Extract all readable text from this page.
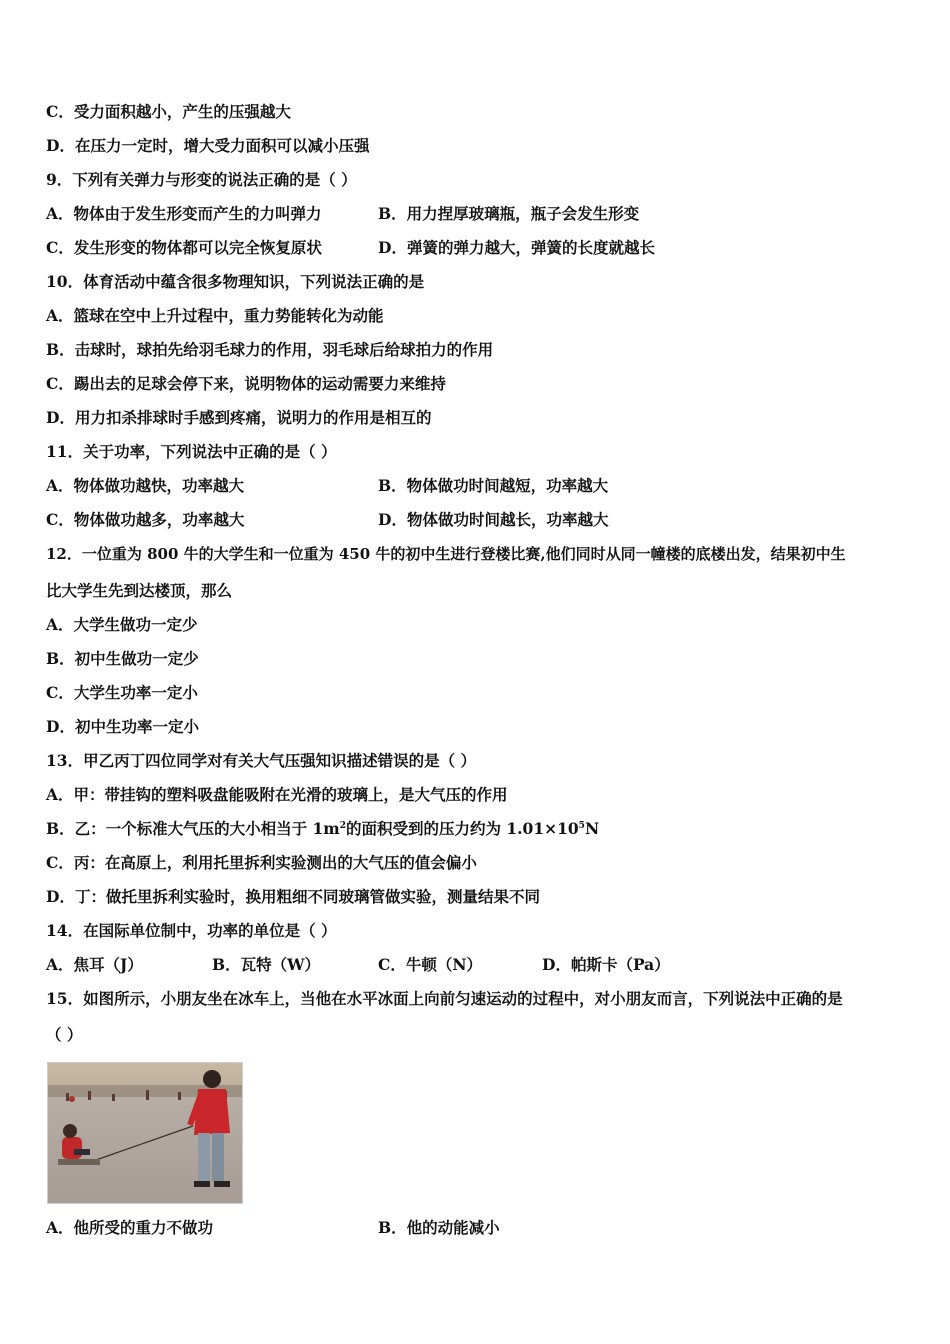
C．受力面积越小，产生的压强越大
D．在压力一定时，增大受力面积可以减小压强
9．下列有关弹力与形变的说法正确的是（ ）
A．物体由于发生形变而产生的力叫弹力	B．用力捏厚玻璃瓶，瓶子会发生形变
C．发生形变的物体都可以完全恢复原状	D．弹簧的弹力越大，弹簧的长度就越长
10．体育活动中蕴含很多物理知识，下列说法正确的是
A．篮球在空中上升过程中，重力势能转化为动能
B．击球时，球拍先给羽毛球力的作用，羽毛球后给球拍力的作用
C．踢出去的足球会停下来，说明物体的运动需要力来维持
D．用力扣杀排球时手感到疼痛，说明力的作用是相互的
11．关于功率，下列说法中正确的是（ ）
A．物体做功越快，功率越大	B．物体做功时间越短，功率越大
C．物体做功越多，功率越大	D．物体做功时间越长，功率越大
12．一位重为 800 牛的大学生和一位重为 450 牛的初中生进行登楼比赛,他们同时从同一幢楼的底楼出发，结果初中生
比大学生先到达楼顶，那么
A．大学生做功一定少
B．初中生做功一定少
C．大学生功率一定小
D．初中生功率一定小
13．甲乙丙丁四位同学对有关大气压强知识描述错误的是（ ）
A．甲：带挂钩的塑料吸盘能吸附在光滑的玻璃上，是大气压的作用
B．乙：一个标准大气压的大小相当于 $1m^2$的面积受到的压力约为 $1.01\times 10^5N$
C．丙：在高原上，利用托里拆利实验测出的大气压的值会偏小
D．丁：做托里拆利实验时，换用粗细不同玻璃管做实验，测量结果不同
14．在国际单位制中，功率的单位是（ ）
A．焦耳（J）	B．瓦特（W）	C．牛顿（N）	D．帕斯卡（Pa）
15．如图所示，小朋友坐在冰车上，当他在水平冰面上向前匀速运动的过程中，对小朋友而言，下列说法中正确的是
（ ）
A．他所受的重力不做功	B．他的动能减小
